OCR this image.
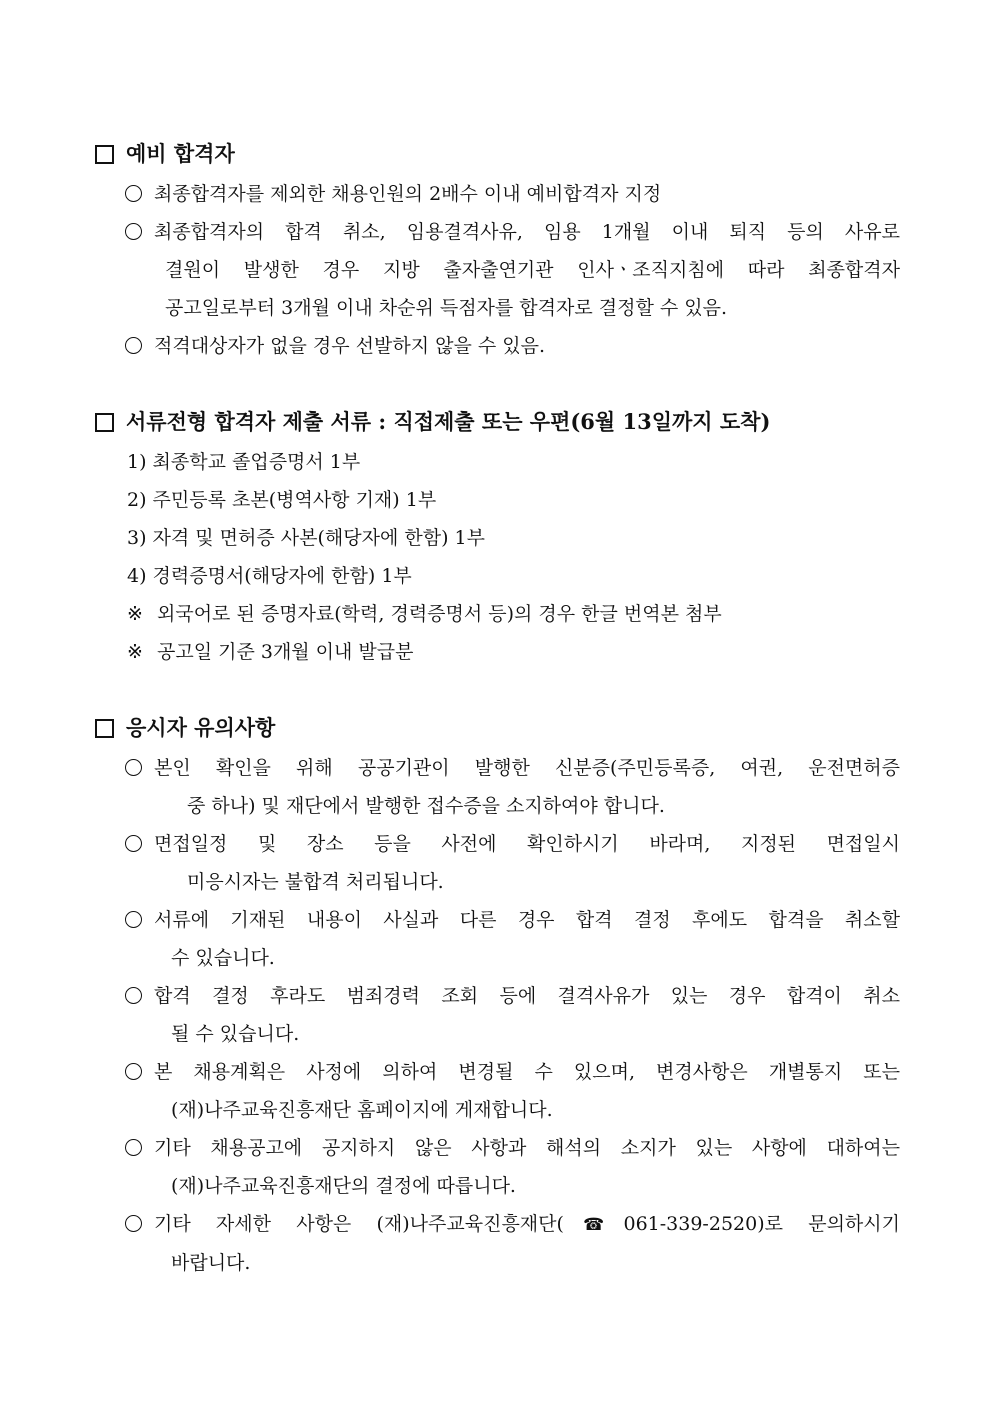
예비 합격자
최종합격자를 제외한 채용인원의 2배수 이내 예비합격자 지정
최종합격자의 합격 취소, 임용결격사유, 임용 1개월 이내 퇴직 등의 사유로
결원이 발생한 경우 지방 출자출연기관 인사ㆍ조직지침에 따라 최종합격자
공고일로부터 3개월 이내 차순위 득점자를 합격자로 결정할 수 있음.
적격대상자가 없을 경우 선발하지 않을 수 있음.
서류전형 합격자 제출 서류 : 직접제출 또는 우편(6월 13일까지 도착)
1) 최종학교 졸업증명서 1부
2) 주민등록 초본(병역사항 기재) 1부
3) 자격 및 면허증 사본(해당자에 한함) 1부
4) 경력증명서(해당자에 한함) 1부
※ 외국어로 된 증명자료(학력, 경력증명서 등)의 경우 한글 번역본 첨부
※ 공고일 기준 3개월 이내 발급분
응시자 유의사항
본인 확인을 위해 공공기관이 발행한 신분증(주민등록증, 여권, 운전면허증
중 하나) 및 재단에서 발행한 접수증을 소지하여야 합니다.
면접일정 및 장소 등을 사전에 확인하시기 바라며, 지정된 면접일시
미응시자는 불합격 처리됩니다.
서류에 기재된 내용이 사실과 다른 경우 합격 결정 후에도 합격을 취소할
수 있습니다.
합격 결정 후라도 범죄경력 조회 등에 결격사유가 있는 경우 합격이 취소
될 수 있습니다.
본 채용계획은 사정에 의하여 변경될 수 있으며, 변경사항은 개별통지 또는
(재)나주교육진흥재단 홈페이지에 게재합니다.
기타 채용공고에 공지하지 않은 사항과 해석의 소지가 있는 사항에 대하여는
(재)나주교육진흥재단의 결정에 따릅니다.
기타 자세한 사항은 (재)나주교육진흥재단(☎061-339-2520)로 문의하시기
바랍니다.
